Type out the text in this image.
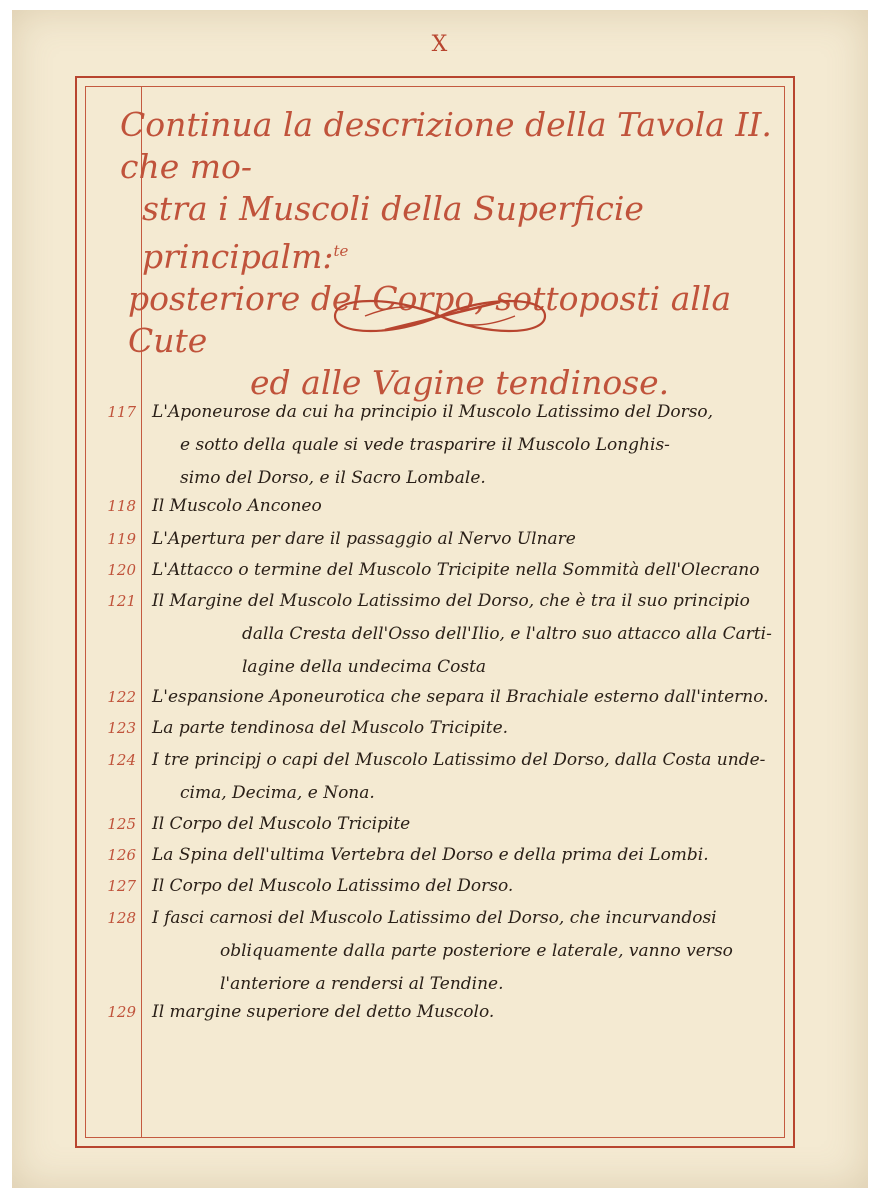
X
Continua la descrizione della Tavola II. che mo-
stra i Muscoli della Superficie principalm:$^{te}$
posteriore del Corpo, sottoposti alla Cute
ed alle Vagine tendinose.
117 L'Aponeurose da cui ha principio il Muscolo Latissimo del Dorso,
e sotto della quale si vede trasparire il Muscolo Longhis-
simo del Dorso, e il Sacro Lombale.
118 Il Muscolo Anconeo
119 L'Apertura per dare il passaggio al Nervo Ulnare
120 L'Attacco o termine del Muscolo Tricipite nella Sommità dell'Olecrano
121 Il Margine del Muscolo Latissimo del Dorso, che è tra il suo principio
dalla Cresta dell'Osso dell'Ilio, e l'altro suo attacco alla Carti-
lagine della undecima Costa
122 L'espansione Aponeurotica che separa il Brachiale esterno dall'interno.
123 La parte tendinosa del Muscolo Tricipite.
124 I tre principj o capi del Muscolo Latissimo del Dorso, dalla Costa unde-
cima, Decima, e Nona.
125 Il Corpo del Muscolo Tricipite
126 La Spina dell'ultima Vertebra del Dorso e della prima dei Lombi.
127 Il Corpo del Muscolo Latissimo del Dorso.
128 I fasci carnosi del Muscolo Latissimo del Dorso, che incurvandosi
obliquamente dalla parte posteriore e laterale, vanno verso
l'anteriore a rendersi al Tendine.
129 Il margine superiore del detto Muscolo.
